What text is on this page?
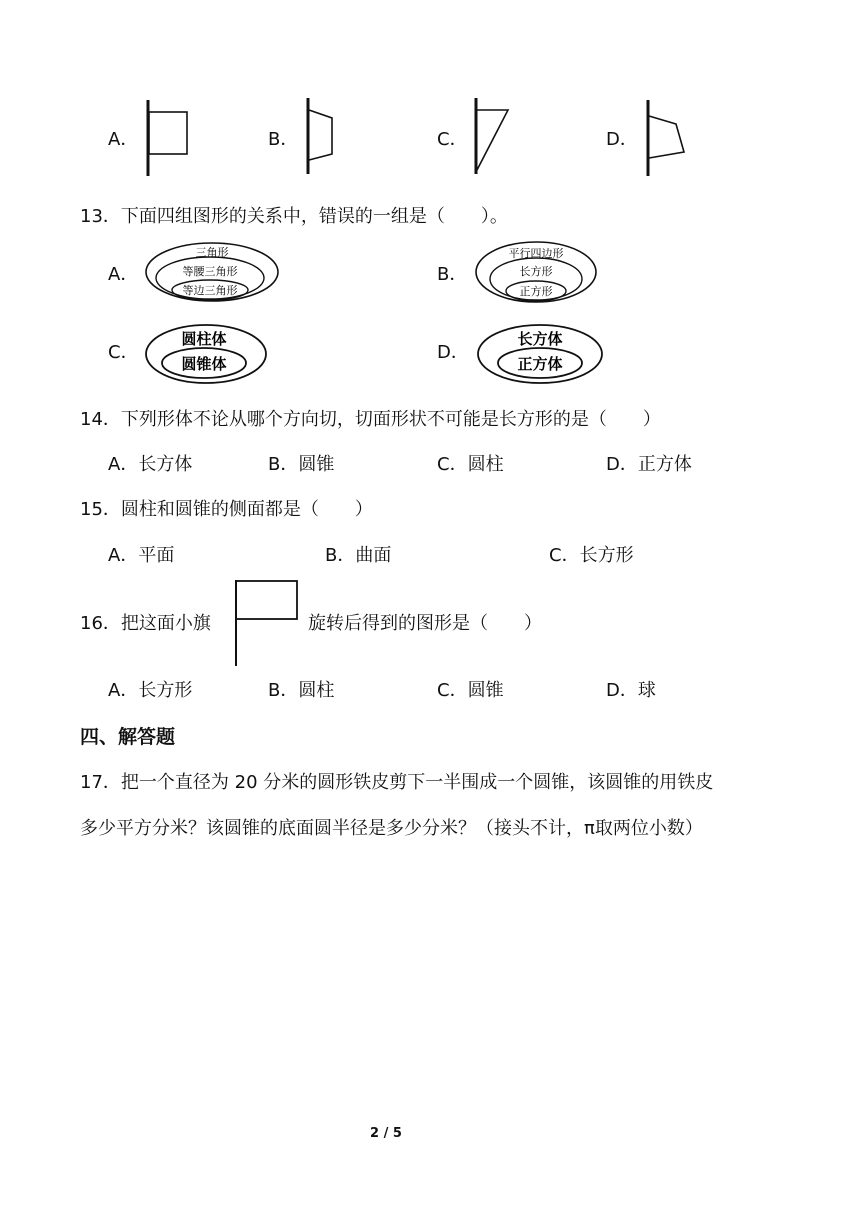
A．	B．	C．	D．
13．下面四组图形的关系中，错误的一组是（　　）。
A．
三角形
等腰三角形
等边三角形
B．
平行四边形
长方形
正方形
C．
圆柱体
圆锥体
D．
长方体
正方体
14．下列形体不论从哪个方向切，切面形状不可能是长方形的是（　　）
A．长方体	B．圆锥	C．圆柱	D．正方体
15．圆柱和圆锥的侧面都是（　　）
A．平面	B．曲面	C．长方形
16．把这面小旗	旋转后得到的图形是（　　）
A．长方形	B．圆柱	C．圆锥	D．球
四、解答题
17．把一个直径为 20 分米的圆形铁皮剪下一半围成一个圆锥，该圆锥的用铁皮
多少平方分米？该圆锥的底面圆半径是多少分米？（接头不计，π取两位小数）
2 / 5
